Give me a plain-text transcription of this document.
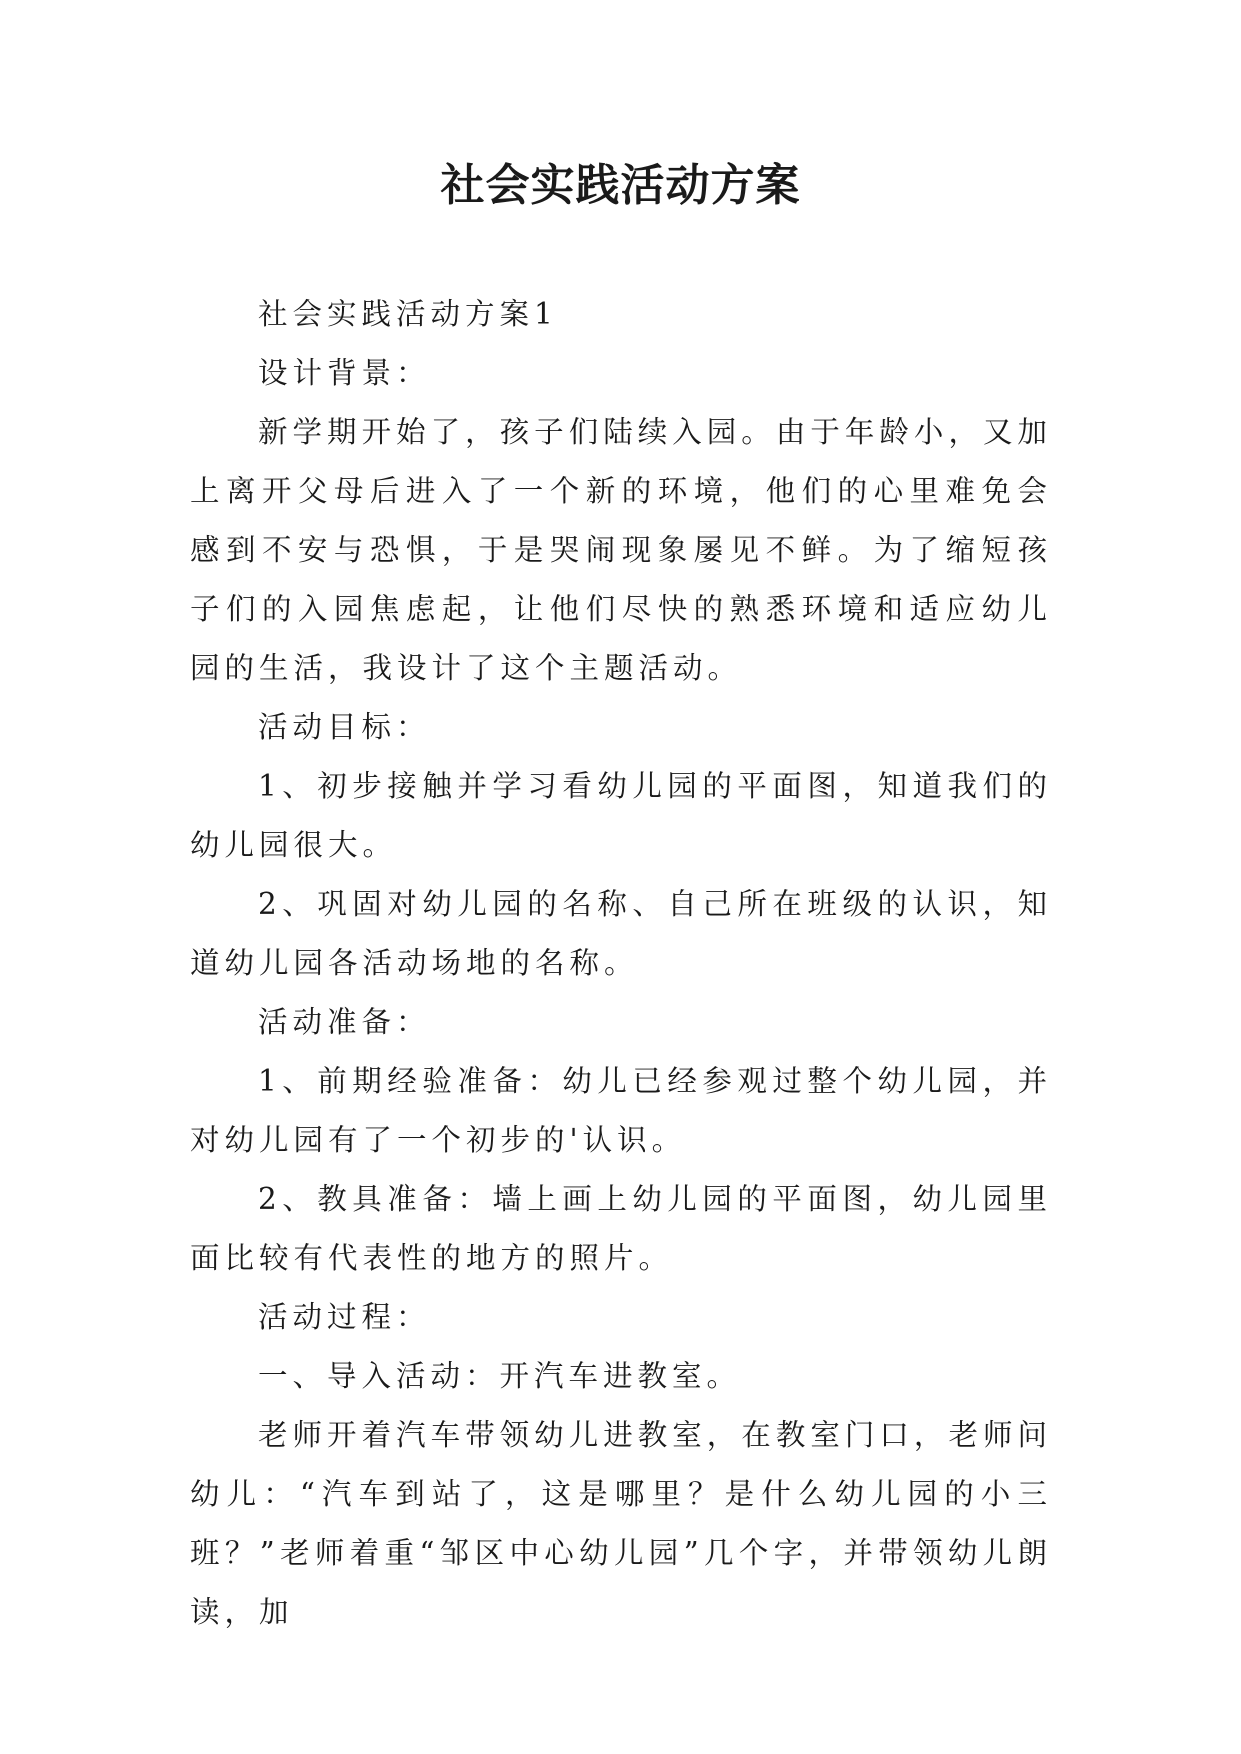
社会实践活动方案

社会实践活动方案1

设计背景：

新学期开始了，孩子们陆续入园。由于年龄小，又加上离开父母后进入了一个新的环境，他们的心里难免会感到不安与恐惧，于是哭闹现象屡见不鲜。为了缩短孩子们的入园焦虑起，让他们尽快的熟悉环境和适应幼儿园的生活，我设计了这个主题活动。

活动目标：

1、初步接触并学习看幼儿园的平面图，知道我们的幼儿园很大。

2、巩固对幼儿园的名称、自己所在班级的认识，知道幼儿园各活动场地的名称。

活动准备：

1、前期经验准备：幼儿已经参观过整个幼儿园，并对幼儿园有了一个初步的'认识。

2、教具准备：墙上画上幼儿园的平面图，幼儿园里面比较有代表性的地方的照片。

活动过程：

一、导入活动：开汽车进教室。

老师开着汽车带领幼儿进教室，在教室门口，老师问幼儿：“汽车到站了，这是哪里？是什么幼儿园的小三班？”老师着重“邹区中心幼儿园”几个字，并带领幼儿朗读，加
